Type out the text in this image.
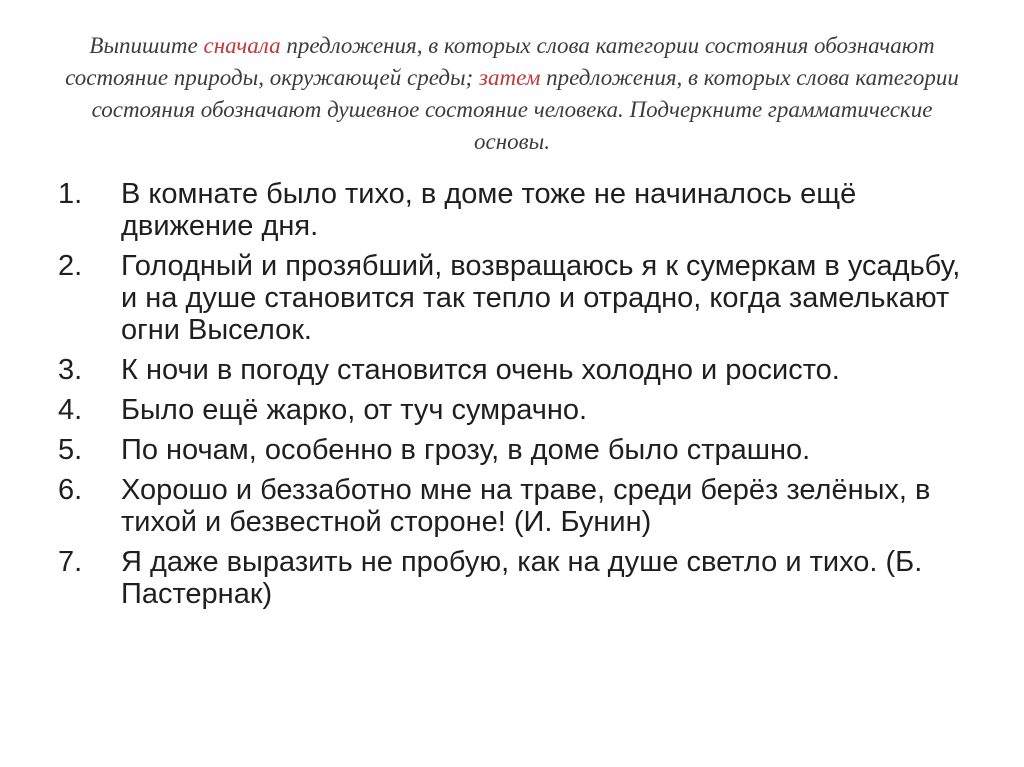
Выпишите сначала предложения, в которых слова категории состояния обозначают состояние природы, окружающей среды; затем предложения, в которых слова категории состояния обозначают душевное состояние человека. Подчеркните грамматические основы.
1. В комнате было тихо, в доме тоже не начиналось ещё движение дня.
2. Голодный и прозябший, возвращаюсь я к сумеркам в усадьбу, и на душе становится так тепло и отрадно, когда замелькают огни Выселок.
3. К ночи в погоду становится очень холодно и росисто.
4. Было ещё жарко, от туч сумрачно.
5. По ночам, особенно в грозу, в доме было страшно.
6. Хорошо и беззаботно мне на траве, среди берёз зелёных, в тихой и безвестной стороне! (И. Бунин)
7. Я даже выразить не пробую, как на душе светло и тихо. (Б. Пастернак)
